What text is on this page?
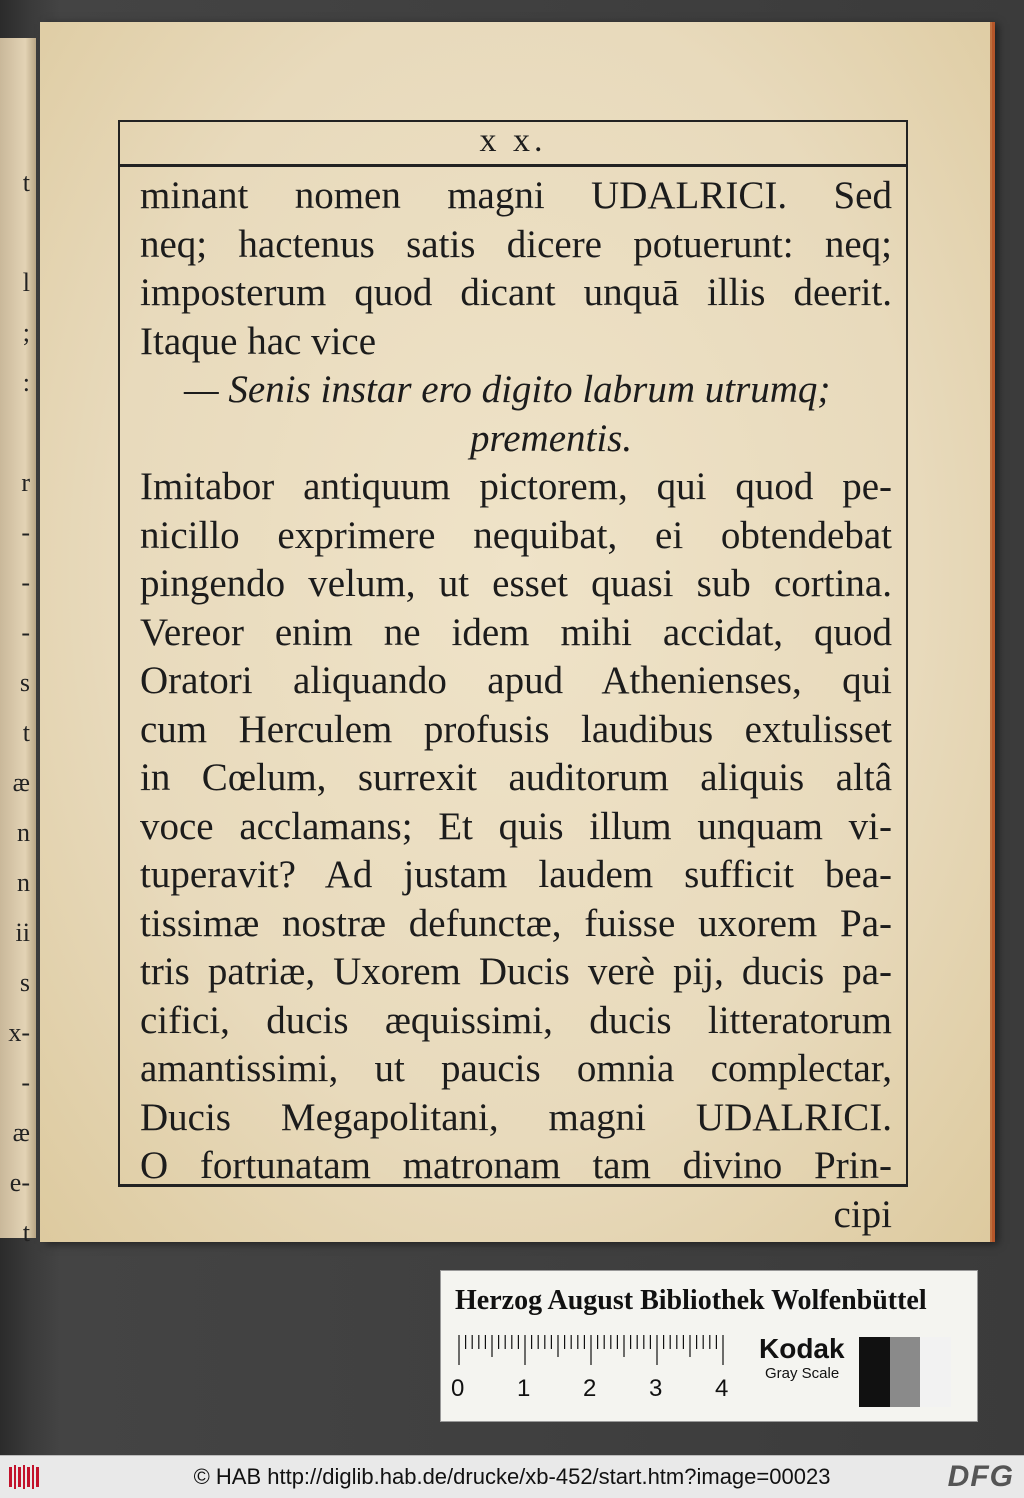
t
l
;
:
r
-
-
-
s
t
æ
n
n
ii
s
x-
-
æ
e-
t
x x.
minant nomen magni UDALRICI. Sed
neq; hactenus satis dicere potuerunt: neq;
imposterum quod dicant unquā illis deerit.
Itaque hac vice
— Senis instar ero digito labrum utrumq;
prementis.
Imitabor antiquum pictorem, qui quod pe-
nicillo exprimere nequibat, ei obtendebat
pingendo velum, ut esset quasi sub cortina.
Vereor enim ne idem mihi accidat, quod
Oratori aliquando apud Athenienses, qui
cum Herculem profusis laudibus extulisset
in Cœlum, surrexit auditorum aliquis altâ
voce acclamans; Et quis illum unquam vi-
tuperavit? Ad justam laudem sufficit bea-
tissimæ nostræ defunctæ, fuisse uxorem Pa-
tris patriæ, Uxorem Ducis verè pij, ducis pa-
cifici, ducis æquissimi, ducis litteratorum
amantissimi, ut paucis omnia complectar,
Ducis Megapolitani, magni UDALRICI.
O fortunatam matronam tam divino Prin-
cipi
Herzog August Bibliothek Wolfenbüttel
0 1 2 3 4
Kodak
Gray Scale
© HAB http://diglib.hab.de/drucke/xb-452/start.htm?image=00023	DFG
